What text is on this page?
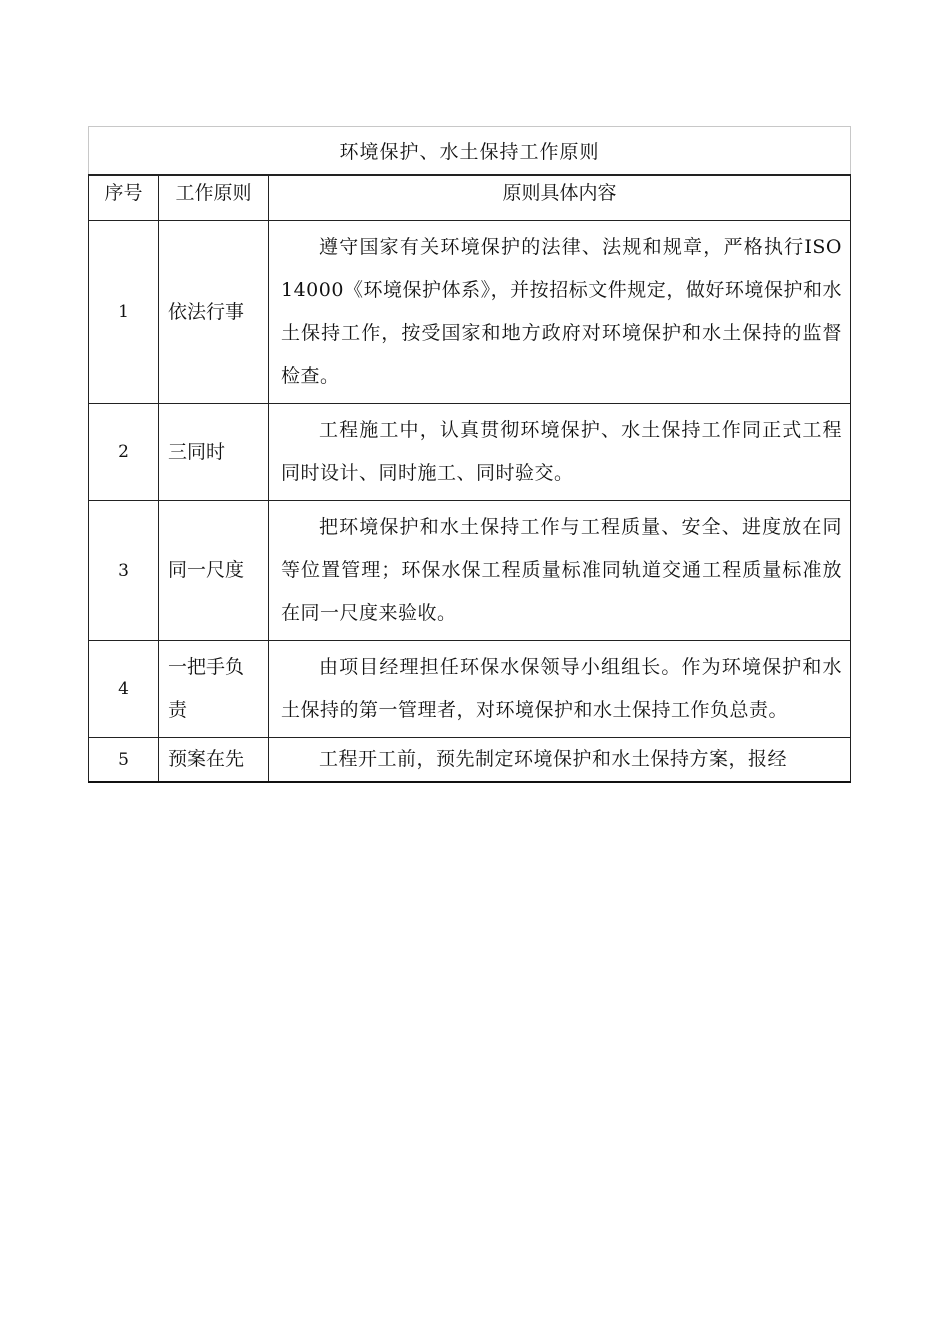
环境保护、水土保持工作原则		
序号	工作原则	原则具体内容
1	依法行事	遵守国家有关环境保护的法律、法规和规章，严格执行ISO 14000《环境保护体系》，并按招标文件规定，做好环境保护和水土保持工作，按受国家和地方政府对环境保护和水土保持的监督检查。
2	三同时	工程施工中，认真贯彻环境保护、水土保持工作同正式工程同时设计、同时施工、同时验交。
3	同一尺度	把环境保护和水土保持工作与工程质量、安全、进度放在同等位置管理；环保水保工程质量标准同轨道交通工程质量标准放在同一尺度来验收。
4	一把手负责	由项目经理担任环保水保领导小组组长。作为环境保护和水土保持的第一管理者，对环境保护和水土保持工作负总责。
5	预案在先	工程开工前，预先制定环境保护和水土保持方案，报经
